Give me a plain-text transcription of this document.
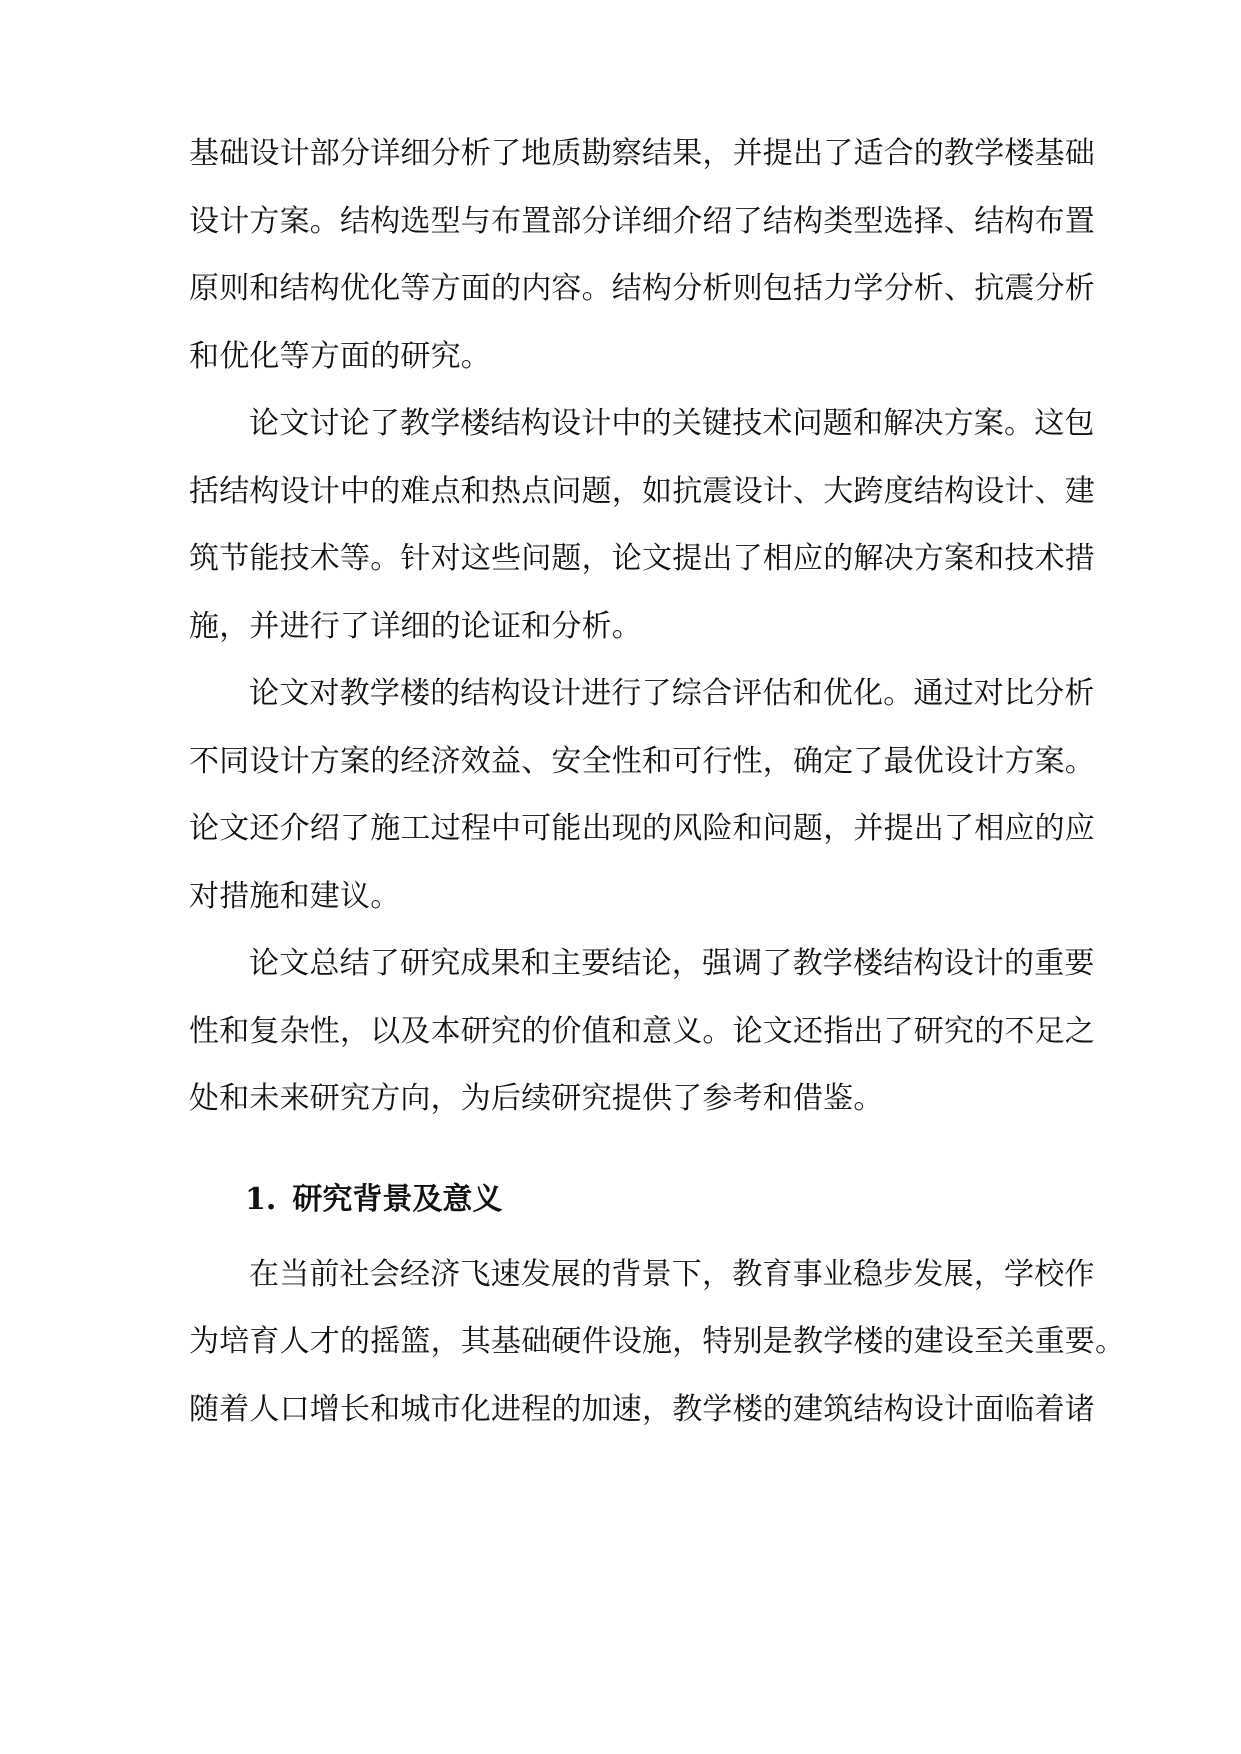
基础设计部分详细分析了地质勘察结果，并提出了适合的教学楼基础
设计方案。结构选型与布置部分详细介绍了结构类型选择、结构布置
原则和结构优化等方面的内容。结构分析则包括力学分析、抗震分析
和优化等方面的研究。
论文讨论了教学楼结构设计中的关键技术问题和解决方案。这包
括结构设计中的难点和热点问题，如抗震设计、大跨度结构设计、建
筑节能技术等。针对这些问题，论文提出了相应的解决方案和技术措
施，并进行了详细的论证和分析。
论文对教学楼的结构设计进行了综合评估和优化。通过对比分析
不同设计方案的经济效益、安全性和可行性，确定了最优设计方案。
论文还介绍了施工过程中可能出现的风险和问题，并提出了相应的应
对措施和建议。
论文总结了研究成果和主要结论，强调了教学楼结构设计的重要
性和复杂性，以及本研究的价值和意义。论文还指出了研究的不足之
处和未来研究方向，为后续研究提供了参考和借鉴。
1. 研究背景及意义
在当前社会经济飞速发展的背景下，教育事业稳步发展，学校作
为培育人才的摇篮，其基础硬件设施，特别是教学楼的建设至关重要。
随着人口增长和城市化进程的加速，教学楼的建筑结构设计面临着诸
